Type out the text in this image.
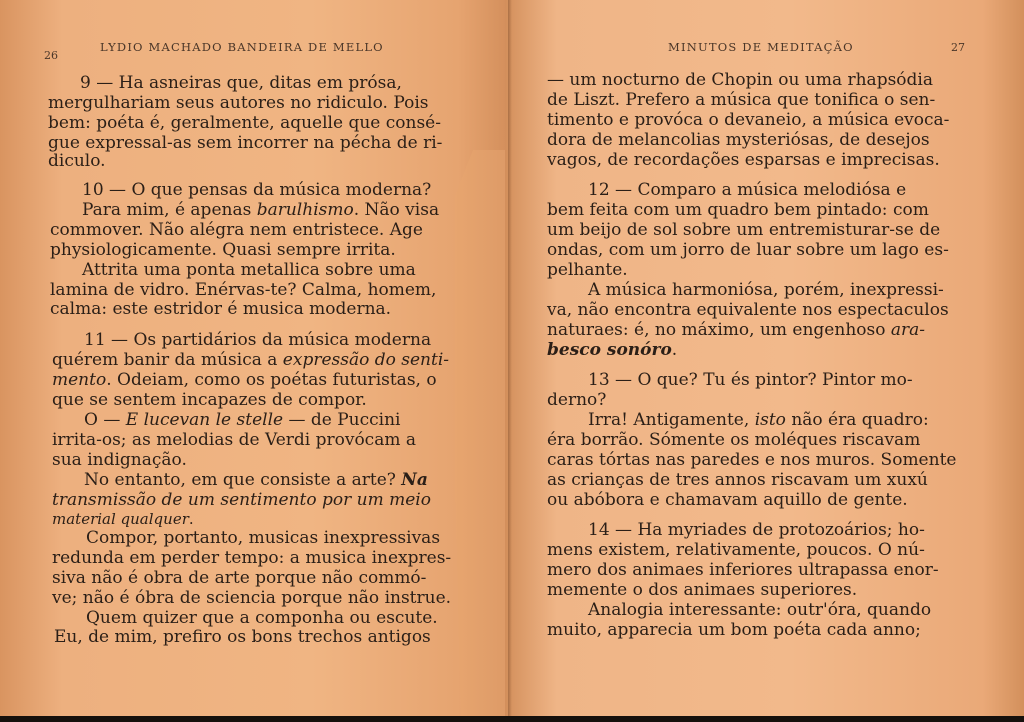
26
LYDIO MACHADO BANDEIRA DE MELLO
9 — Ha asneiras que, ditas em prósa,
mergulhariam seus autores no ridiculo. Pois
bem: poéta é, geralmente, aquelle que consé-
gue expressal-as sem incorrer na pécha de ri-
diculo.
10 — O que pensas da música moderna?
Para mim, é apenas barulhismo. Não visa
commover. Não alégra nem entristece. Age
physiologicamente. Quasi sempre irrita.
Attrita uma ponta metallica sobre uma
lamina de vidro. Enérvas-te? Calma, homem,
calma: este estridor é musica moderna.
11 — Os partidários da música moderna
quérem banir da música a expressão do senti-
mento. Odeiam, como os poétas futuristas, o
que se sentem incapazes de compor.
O — E lucevan le stelle — de Puccini
irrita-os; as melodias de Verdi provócam a
sua indignação.
No entanto, em que consiste a arte? Na
transmissão de um sentimento por um meio
material qualquer.
Compor, portanto, musicas inexpressivas
redunda em perder tempo: a musica inexpres-
siva não é obra de arte porque não commó-
ve; não é óbra de sciencia porque não instrue.
Quem quizer que a componha ou escute.
Eu, de mim, prefiro os bons trechos antigos
MINUTOS DE MEDITAÇÃO	27
— um nocturno de Chopin ou uma rhapsódia
de Liszt. Prefero a música que tonifica o sen-
timento e provóca o devaneio, a música evoca-
dora de melancolias mysteriósas, de desejos
vagos, de recordações esparsas e imprecisas.
12 — Comparo a música melodiósa e
bem feita com um quadro bem pintado: com
um beijo de sol sobre um entremisturar-se de
ondas, com um jorro de luar sobre um lago es-
pelhante.
A música harmoniósa, porém, inexpressi-
va, não encontra equivalente nos espectaculos
naturaes: é, no máximo, um engenhoso ara-
besco sonóro.
13 — O que? Tu és pintor? Pintor mo-
derno?
Irra! Antigamente, isto não éra quadro:
éra borrão. Sómente os moléques riscavam
caras tórtas nas paredes e nos muros. Somente
as crianças de tres annos riscavam um xuxú
ou abóbora e chamavam aquillo de gente.
14 — Ha myriades de protozoários; ho-
mens existem, relativamente, poucos. O nú-
mero dos animaes inferiores ultrapassa enor-
memente o dos animaes superiores.
Analogia interessante: outr'óra, quando
muito, apparecia um bom poéta cada anno;
